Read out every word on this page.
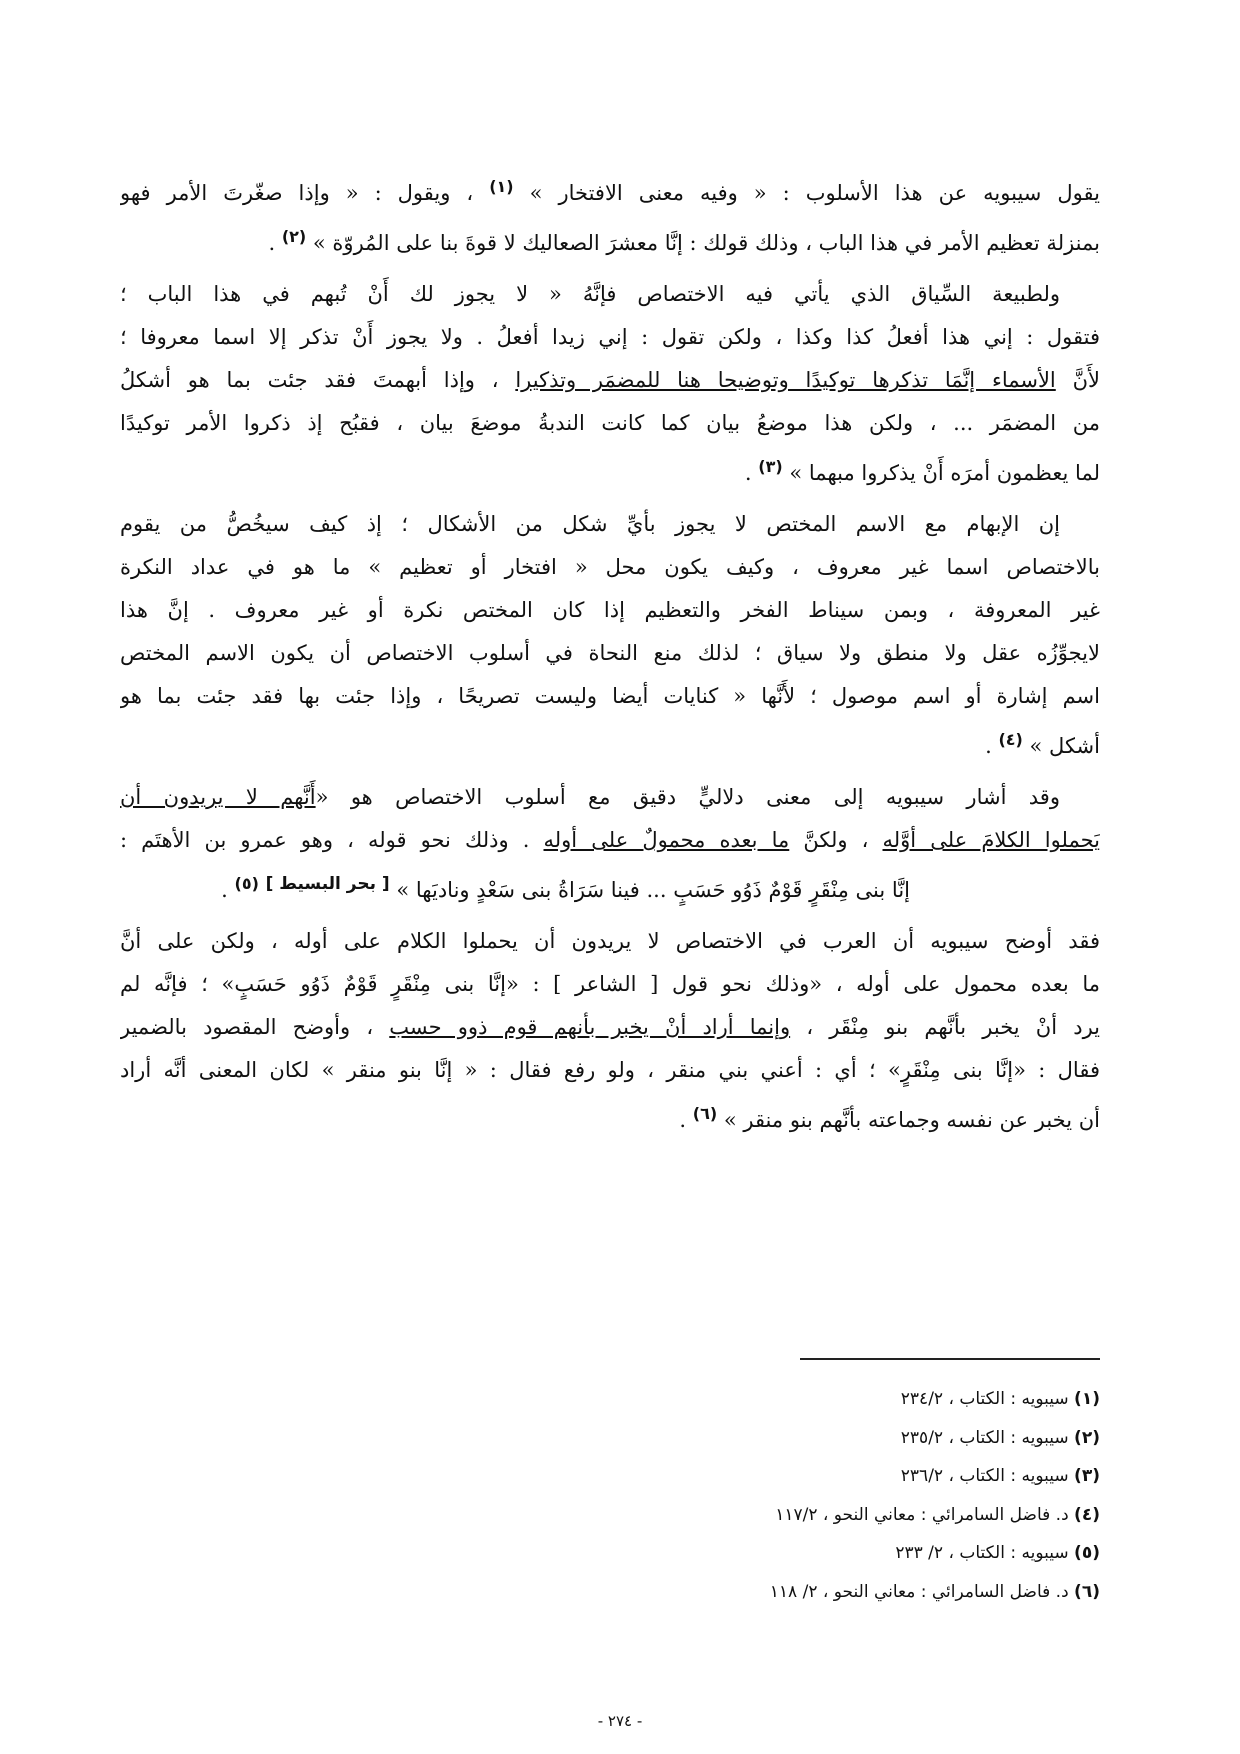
يقول سيبويه عن هذا الأسلوب : « وفيه معنى الافتخار » $^{(١)}$ ، ويقول : « وإذا صغّرتَ الأمر فهو
بمنزلة تعظيم الأمر في هذا الباب ، وذلك قولك : إنَّا معشرَ الصعاليك لا قوةَ بنا على المُروّة » $^{(٢)}$ .
ولطبيعة السِّياق الذي يأتي فيه الاختصاص فإنَّهُ « لا يجوز لك أَنْ تُبهم في هذا الباب ؛
فتقول : إني هذا أفعلُ كذا وكذا ، ولكن تقول : إني زيدا أفعلُ . ولا يجوز أَنْ تذكر إلا اسما معروفا ؛
لأَنَّ الأسماء إنَّمَا تذكرها توكيدًا وتوضيحا هنا للمضمَر وتذكيرا ، وإذا أبهمتَ فقد جئت بما هو أشكلُ
من المضمَر ... ، ولكن هذا موضعُ بيان كما كانت الندبةُ موضعَ بيان ، فقبُح إذ ذكروا الأمر توكيدًا
لما يعظمون أمرَه أَنْ يذكروا مبهما » $^{(٣)}$ .
إن الإبهام مع الاسم المختص لا يجوز بأيِّ شكل من الأشكال ؛ إذ كيف سيخُصُّ من يقوم
بالاختصاص اسما غير معروف ، وكيف يكون محل « افتخار أو تعظيم » ما هو في عداد النكرة
غير المعروفة ، وبمن سيناط الفخر والتعظيم إذا كان المختص نكرة أو غير معروف . إنَّ هذا
لايجوِّزُه عقل ولا منطق ولا سياق ؛ لذلك منع النحاة في أسلوب الاختصاص أن يكون الاسم المختص
اسم إشارة أو اسم موصول ؛ لأَنَّها « كنايات أيضا وليست تصريحًا ، وإذا جئت بها فقد جئت بما هو
أشكل » $^{(٤)}$ .
وقد أشار سيبويه إلى معنى دلاليٍّ دقيق مع أسلوب الاختصاص هو «أَنَّهم لا يريدون أن
يَحملوا الكلامَ على أوَّله ، ولكنَّ ما بعده محمولٌ على أوله . وذلك نحو قوله ، وهو عمرو بن الأهتَم :
إنَّا بنى مِنْقَرٍ قَوْمٌ ذَوُو حَسَبٍ ... فينا سَرَاةُ بنى سَعْدٍ وناديَها » [ بحر البسيط ] $^{(٥)}$ .
فقد أوضح سيبويه أن العرب في الاختصاص لا يريدون أن يحملوا الكلام على أوله ، ولكن على أنَّ
ما بعده محمول على أوله ، «وذلك نحو قول [ الشاعر ] : «إنَّا بنى مِنْقَرٍ قَوْمٌ ذَوُو حَسَبٍ» ؛ فإنَّه لم
يرد أنْ يخبر بأنَّهم بنو مِنْقَر ، وإنما أراد أنْ يخبر بأنهم قوم ذوو حسب ، وأوضح المقصود بالضمير
فقال : «إنَّا بنى مِنْقَرٍ» ؛ أي : أعني بني منقر ، ولو رفع فقال : « إنَّا بنو منقر » لكان المعنى أنَّه أراد
أن يخبر عن نفسه وجماعته بأنَّهم بنو منقر » $^{(٦)}$ .
(١) سيبويه : الكتاب ، ٢٣٤/٢
(٢) سيبويه : الكتاب ، ٢٣٥/٢
(٣) سيبويه : الكتاب ، ٢٣٦/٢
(٤) د. فاضل السامرائي : معاني النحو ، ١١٧/٢
(٥) سيبويه : الكتاب ، ٢/ ٢٣٣
(٦) د. فاضل السامرائي : معاني النحو ، ٢/ ١١٨
- ٢٧٤ -
